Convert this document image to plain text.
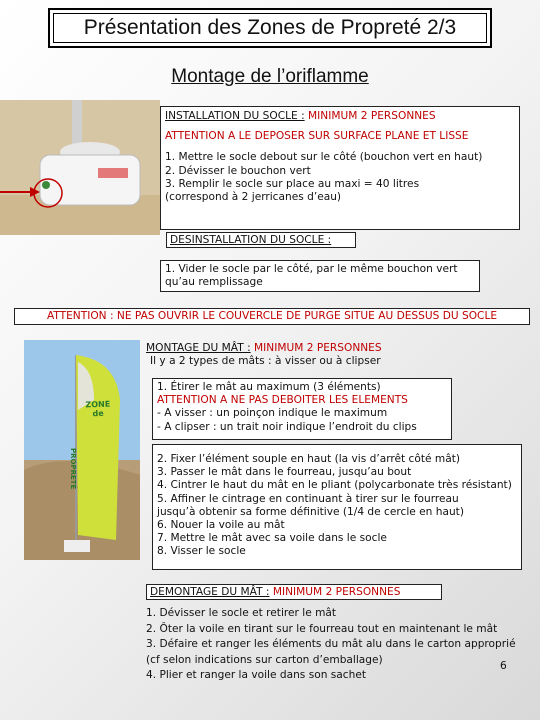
Présentation des Zones de Propreté 2/3
Montage de l’oriflamme
INSTALLATION DU SOCLE : MINIMUM 2 PERSONNES
ATTENTION A LE DEPOSER SUR SURFACE PLANE ET LISSE
1. Mettre le socle debout sur le côté (bouchon vert en haut)
2. Dévisser le bouchon vert
3. Remplir le socle sur place au maxi = 40 litres
(correspond à 2 jerricanes d’eau)
DESINSTALLATION DU SOCLE :
1. Vider le socle par le côté, par le même bouchon vert
qu’au remplissage
ATTENTION : NE PAS OUVRIR LE COUVERCLE DE PURGE SITUE AU DESSUS DU SOCLE
ZONE
de
PROPRETÉ
MONTAGE DU MÂT : MINIMUM 2 PERSONNES
Il y a 2 types de mâts : à visser ou à clipser
1. Étirer le mât au maximum (3 éléments)
ATTENTION A NE PAS DEBOITER LES ELEMENTS
- A visser : un poinçon indique le maximum
- A clipser : un trait noir indique l’endroit du clips
2. Fixer l’élément souple en haut (la vis d’arrêt côté mât)
3. Passer le mât dans le fourreau, jusqu’au bout
4. Cintrer le haut du mât en le pliant (polycarbonate très résistant)
5. Affiner le cintrage en continuant à tirer sur le fourreau
jusqu’à obtenir sa forme définitive (1/4 de cercle en haut)
6. Nouer la voile au mât
7. Mettre le mât avec sa voile dans le socle
8. Visser le socle
DEMONTAGE DU MÂT : MINIMUM 2 PERSONNES
1. Dévisser le socle et retirer le mât
2. Ôter la voile en tirant sur le fourreau tout en maintenant le mât
3. Défaire et ranger les éléments du mât alu dans le carton approprié
(cf selon indications sur carton d’emballage)
4. Plier et ranger la voile dans son sachet
6
